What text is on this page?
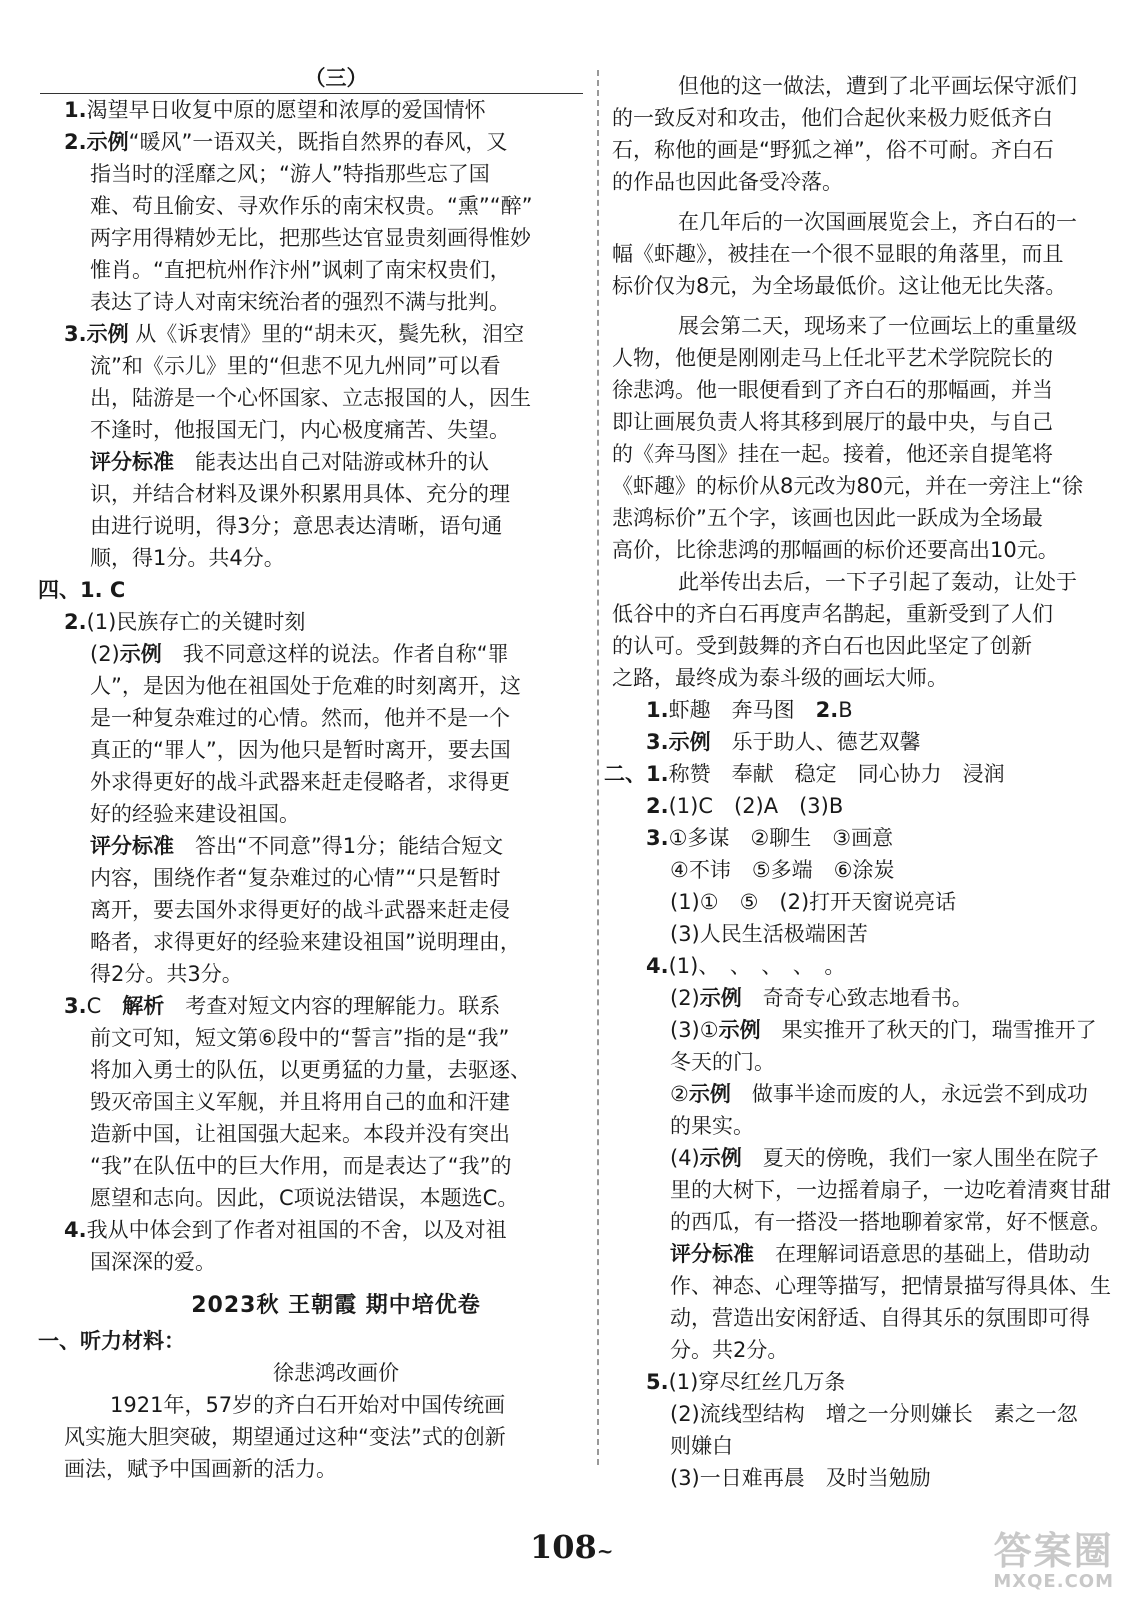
（三）
1.渴望早日收复中原的愿望和浓厚的爱国情怀
2.示例“暖风”一语双关，既指自然界的春风，又
指当时的淫靡之风；“游人”特指那些忘了国
难、苟且偷安、寻欢作乐的南宋权贵。“熏”“醉”
两字用得精妙无比，把那些达官显贵刻画得惟妙
惟肖。“直把杭州作汴州”讽刺了南宋权贵们，
表达了诗人对南宋统治者的强烈不满与批判。
3.示例 从《诉衷情》里的“胡未灭，鬓先秋，泪空
流”和《示儿》里的“但悲不见九州同”可以看
出，陆游是一个心怀国家、立志报国的人，因生
不逢时，他报国无门，内心极度痛苦、失望。
评分标准　 能表达出自己对陆游或林升的认
识，并结合材料及课外积累用具体、充分的理
由进行说明，得3分；意思表达清晰，语句通
顺，得1分。共4分。
四、1. C
2.(1)民族存亡的关键时刻
(2)示例　 我不同意这样的说法。作者自称“罪
人”，是因为他在祖国处于危难的时刻离开，这
是一种复杂难过的心情。然而，他并不是一个
真正的“罪人”，因为他只是暂时离开，要去国
外求得更好的战斗武器来赶走侵略者，求得更
好的经验来建设祖国。
评分标准　 答出“不同意”得1分；能结合短文
内容，围绕作者“复杂难过的心情”“只是暂时
离开，要去国外求得更好的战斗武器来赶走侵
略者，求得更好的经验来建设祖国”说明理由，
得2分。共3分。
3.C　 解析　 考查对短文内容的理解能力。联系
前文可知，短文第⑥段中的“誓言”指的是“我”
将加入勇士的队伍，以更勇猛的力量，去驱逐、
毁灭帝国主义军舰，并且将用自己的血和汗建
造新中国，让祖国强大起来。本段并没有突出
“我”在队伍中的巨大作用，而是表达了“我”的
愿望和志向。因此，C项说法错误，本题选C。
4.我从中体会到了作者对祖国的不舍，以及对祖
国深深的爱。
2023秋 王朝霞 期中培优卷
一、听力材料：
徐悲鸿改画价
1921年，57岁的齐白石开始对中国传统画
风实施大胆突破，期望通过这种“变法”式的创新
画法，赋予中国画新的活力。
但他的这一做法，遭到了北平画坛保守派们
的一致反对和攻击，他们合起伙来极力贬低齐白
石，称他的画是“野狐之禅”，俗不可耐。齐白石
的作品也因此备受冷落。
在几年后的一次国画展览会上，齐白石的一
幅《虾趣》，被挂在一个很不显眼的角落里，而且
标价仅为8元，为全场最低价。这让他无比失落。
展会第二天，现场来了一位画坛上的重量级
人物，他便是刚刚走马上任北平艺术学院院长的
徐悲鸿。他一眼便看到了齐白石的那幅画，并当
即让画展负责人将其移到展厅的最中央，与自己
的《奔马图》挂在一起。接着，他还亲自提笔将
《虾趣》的标价从8元改为80元，并在一旁注上“徐
悲鸿标价”五个字，该画也因此一跃成为全场最
高价，比徐悲鸿的那幅画的标价还要高出10元。
此举传出去后，一下子引起了轰动，让处于
低谷中的齐白石再度声名鹊起，重新受到了人们
的认可。受到鼓舞的齐白石也因此坚定了创新
之路，最终成为泰斗级的画坛大师。
1.虾趣　奔马图　 2.B
3.示例　 乐于助人、德艺双馨
二、1.称赞　奉献　稳定　同心协力　浸润
2.(1)C　(2)A　(3)B
3.①多谋　②聊生　③画意
④不讳　⑤多端　⑥涂炭
(1)①　⑤　(2)打开天窗说亮话
(3)人民生活极端困苦
4.(1)、　、　、　、　。
(2)示例　 奇奇专心致志地看书。
(3)①示例　 果实推开了秋天的门，瑞雪推开了
冬天的门。
②示例　 做事半途而废的人，永远尝不到成功
的果实。
(4)示例　 夏天的傍晚，我们一家人围坐在院子
里的大树下，一边摇着扇子，一边吃着清爽甘甜
的西瓜，有一搭没一搭地聊着家常，好不惬意。
评分标准　 在理解词语意思的基础上，借助动
作、神态、心理等描写，把情景描写得具体、生
动，营造出安闲舒适、自得其乐的氛围即可得
分。共2分。
5.(1)穿尽红丝几万条
(2)流线型结构　增之一分则嫌长　素之一忽
则嫌白
(3)一日难再晨　及时当勉励
108~	答案圈
MXQE.COM
